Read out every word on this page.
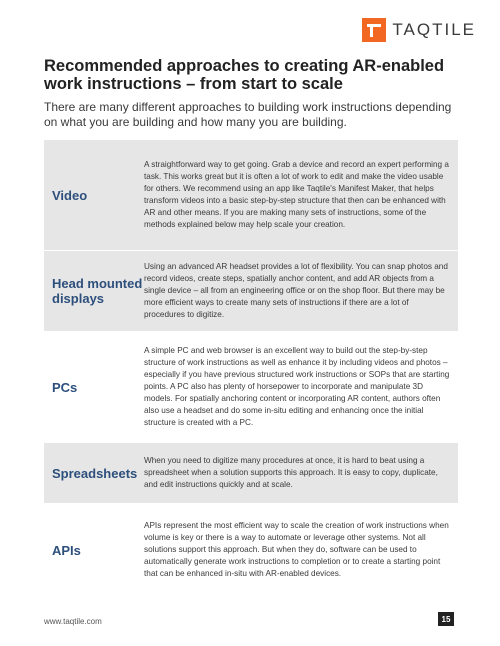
TAQTILE
Recommended approaches to creating AR-enabled work instructions – from start to scale

There are many different approaches to building work instructions depending on what you are building and how many you are building.

Video
A straightforward way to get going. Grab a device and record an expert performing a task. This works great but it is often a lot of work to edit and make the video usable for others. We recommend using an app like Taqtile's Manifest Maker, that helps transform videos into a basic step-by-step structure that then can be enhanced with AR and other means. If you are making many sets of instructions, some of the methods explained below may help scale your creation.
Head mounted displays
Using an advanced AR headset provides a lot of flexibility. You can snap photos and record videos, create steps, spatially anchor content, and add AR objects from a single device – all from an engineering office or on the shop floor. But there may be more efficient ways to create many sets of instructions if there are a lot of procedures to digitize.
PCs
A simple PC and web browser is an excellent way to build out the step-by-step structure of work instructions as well as enhance it by including videos and photos – especially if you have previous structured work instructions or SOPs that are starting points. A PC also has plenty of horsepower to incorporate and manipulate 3D models. For spatially anchoring content or incorporating AR content, authors often also use a headset and do some in-situ editing and enhancing once the initial structure is created with a PC.
Spreadsheets
When you need to digitize many procedures at once, it is hard to beat using a spreadsheet when a solution supports this approach. It is easy to copy, duplicate, and edit instructions quickly and at scale.
APIs
APIs represent the most efficient way to scale the creation of work instructions when volume is key or there is a way to automate or leverage other systems. Not all solutions support this approach. But when they do, software can be used to automatically generate work instructions to completion or to create a starting point that can be enhanced in-situ with AR-enabled devices.
www.taqtile.com	15
